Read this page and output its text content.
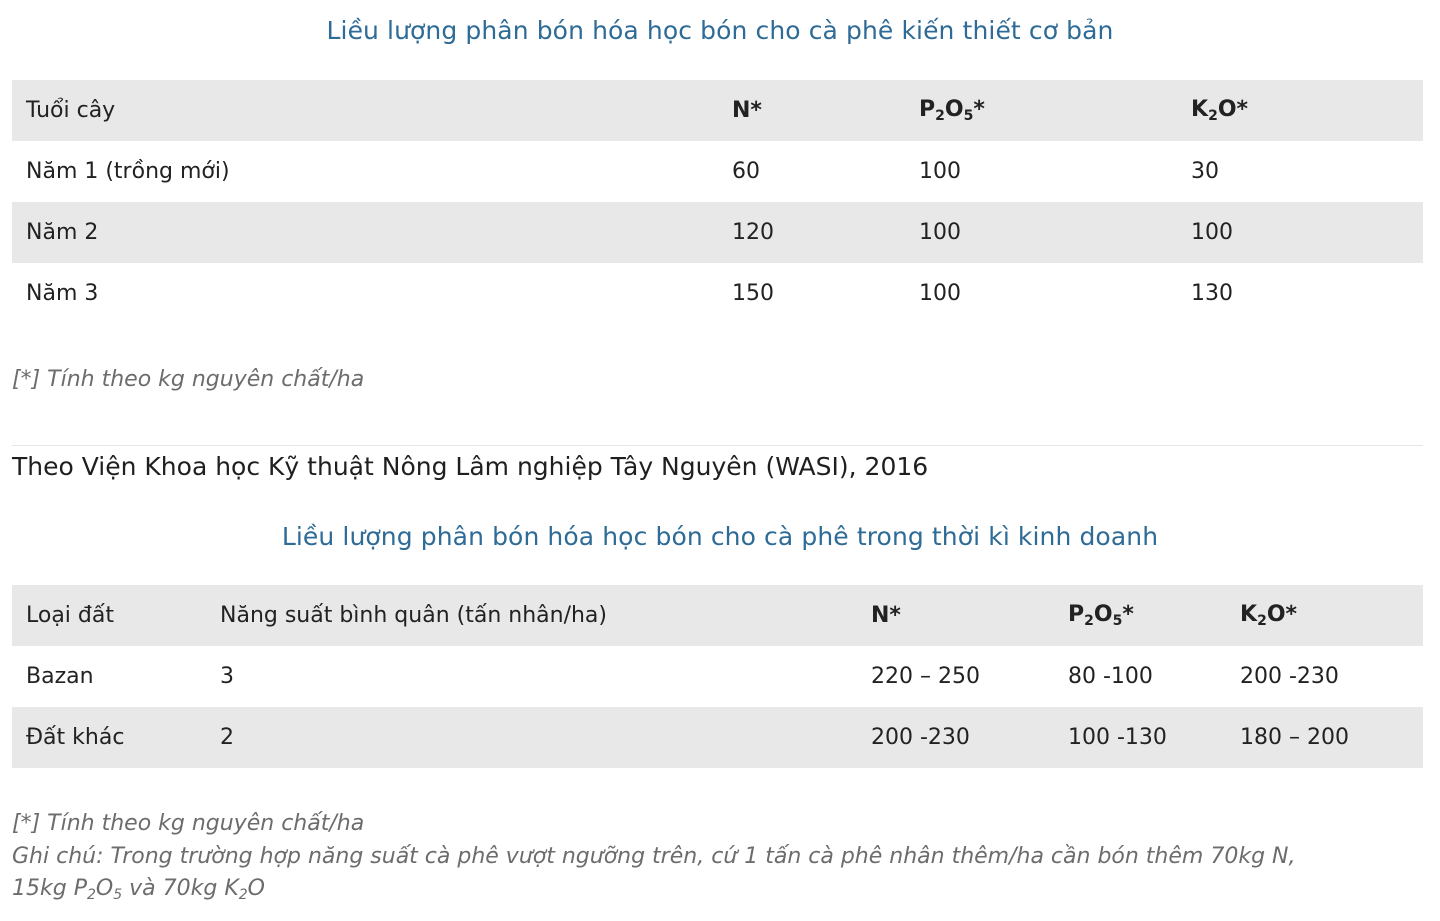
Liều lượng phân bón hóa học bón cho cà phê kiến thiết cơ bản
Tuổi cây	N*	$P_2O_5*$	$K_2O*$
Năm 1 (trồng mới)	60	100	30
Năm 2	120	100	100
Năm 3	150	100	130
[*] Tính theo kg nguyên chất/ha
Theo Viện Khoa học Kỹ thuật Nông Lâm nghiệp Tây Nguyên (WASI), 2016
Liều lượng phân bón hóa học bón cho cà phê trong thời kì kinh doanh
Loại đất	Năng suất bình quân (tấn nhân/ha)	N*	$P_2O_5*$	$K_2O*$
Bazan	3	220 – 250	80 -100	200 -230
Đất khác	2	200 -230	100 -130	180 – 200
[*] Tính theo kg nguyên chất/ha
Ghi chú: Trong trường hợp năng suất cà phê vượt ngưỡng trên, cứ 1 tấn cà phê nhân thêm/ha cần bón thêm 70kg N,
15kg $P_2O_5$ và 70kg $K_2O$
